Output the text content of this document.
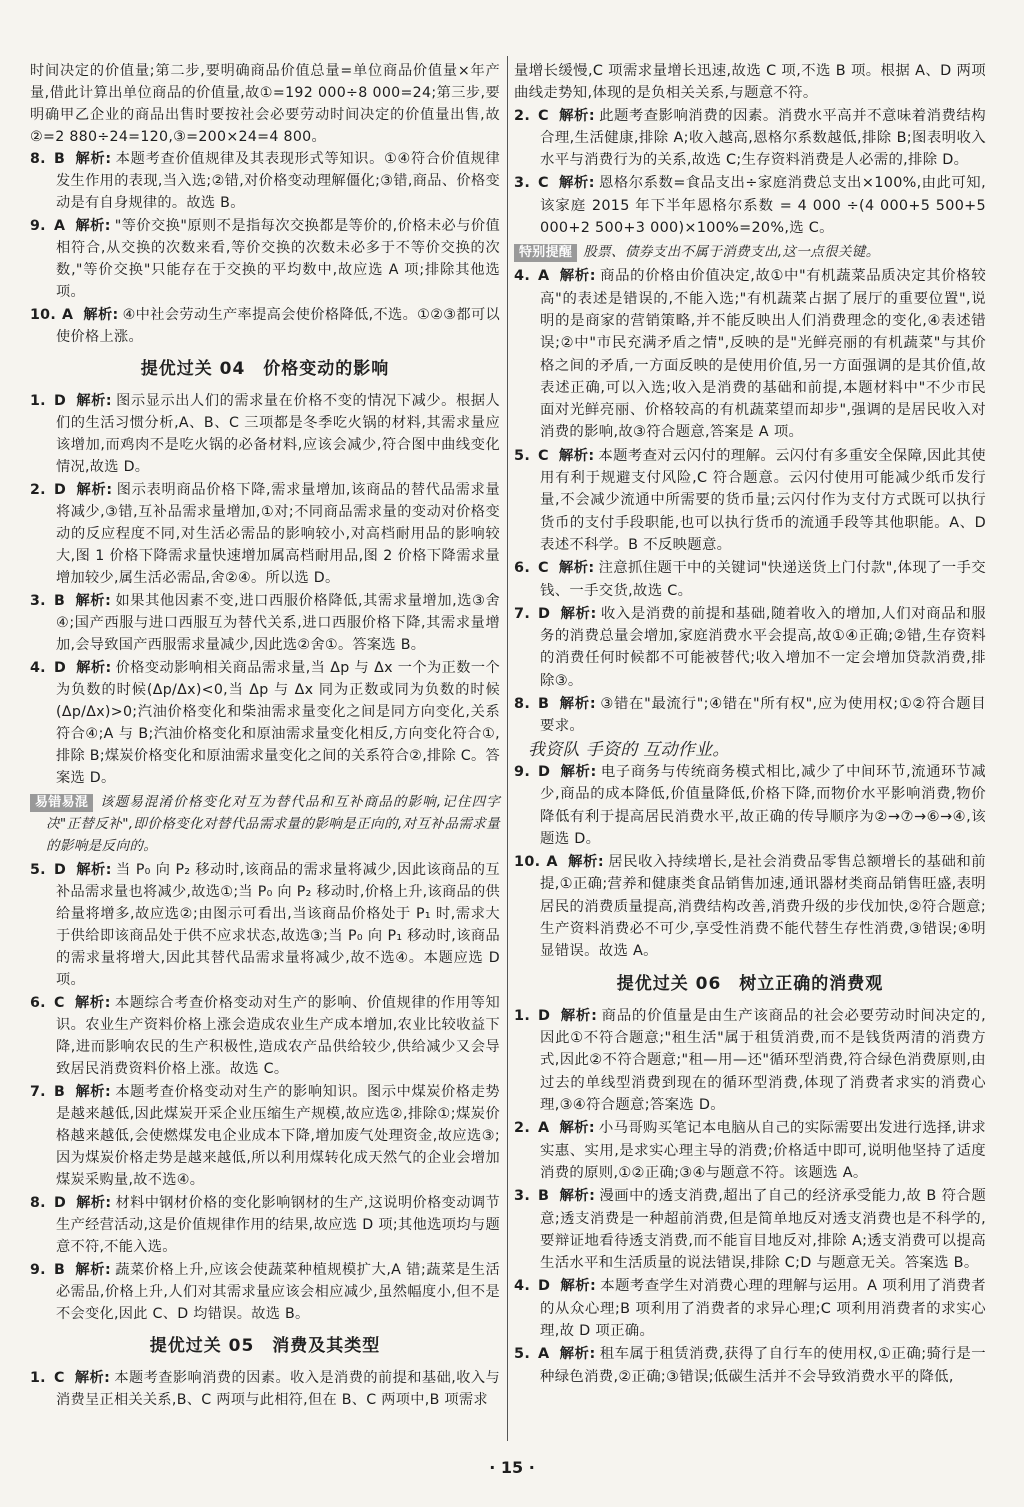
时间决定的价值量;第二步,要明确商品价值总量=单位商品价值量×年产量,借此计算出单位商品的价值量,故①=192 000÷8 000=24;第三步,要明确甲乙企业的商品出售时要按社会必要劳动时间决定的价值量出售,故②=2 880÷24=120,③=200×24=4 800。

8. B 解析: 本题考查价值规律及其表现形式等知识。①④符合价值规律发生作用的表现,当入选;②错,对价格变动理解僵化;③错,商品、价格变动是有自身规律的。故选 B。

9. A 解析: "等价交换"原则不是指每次交换都是等价的,价格未必与价值相符合,从交换的次数来看,等价交换的次数未必多于不等价交换的次数,"等价交换"只能存在于交换的平均数中,故应选 A 项;排除其他选项。

10. A 解析: ④中社会劳动生产率提高会使价格降低,不选。①②③都可以使价格上涨。

提优过关 04　价格变动的影响

1. D 解析: 图示显示出人们的需求量在价格不变的情况下减少。根据人们的生活习惯分析,A、B、C 三项都是冬季吃火锅的材料,其需求量应该增加,而鸡肉不是吃火锅的必备材料,应该会减少,符合图中曲线变化情况,故选 D。

2. D 解析: 图示表明商品价格下降,需求量增加,该商品的替代品需求量将减少,③错,互补品需求量增加,①对;不同商品需求量的变动对价格变动的反应程度不同,对生活必需品的影响较小,对高档耐用品的影响较大,图 1 价格下降需求量快速增加属高档耐用品,图 2 价格下降需求量增加较少,属生活必需品,舍②④。所以选 D。

3. B 解析: 如果其他因素不变,进口西服价格降低,其需求量增加,选③舍④;国产西服与进口西服互为替代关系,进口西服价格下降,其需求量增加,会导致国产西服需求量减少,因此选②舍①。答案选 B。

4. D 解析: 价格变动影响相关商品需求量,当 Δp 与 Δx 一个为正数一个为负数的时候(Δp/Δx)<0,当 Δp 与 Δx 同为正数或同为负数的时候(Δp/Δx)>0;汽油价格变化和柴油需求量变化之间是同方向变化,关系符合④;A 与 B;汽油价格变化和原油需求量变化相反,方向变化符合①,排除 B;煤炭价格变化和原油需求量变化之间的关系符合②,排除 C。答案选 D。

易错易混 该题易混淆价格变化对互为替代品和互补商品的影响,记住四字决"正替反补",即价格变化对替代品需求量的影响是正向的,对互补品需求量的影响是反向的。

5. D 解析: 当 P₀ 向 P₂ 移动时,该商品的需求量将减少,因此该商品的互补品需求量也将减少,故选①;当 P₀ 向 P₂ 移动时,价格上升,该商品的供给量将增多,故应选②;由图示可看出,当该商品价格处于 P₁ 时,需求大于供给即该商品处于供不应求状态,故选③;当 P₀ 向 P₁ 移动时,该商品的需求量将增大,因此其替代品需求量将减少,故不选④。本题应选 D 项。

6. C 解析: 本题综合考查价格变动对生产的影响、价值规律的作用等知识。农业生产资料价格上涨会造成农业生产成本增加,农业比较收益下降,进而影响农民的生产积极性,造成农产品供给较少,供给减少又会导致居民消费资料价格上涨。故选 C。

7. B 解析: 本题考查价格变动对生产的影响知识。图示中煤炭价格走势是越来越低,因此煤炭开采企业压缩生产规模,故应选②,排除①;煤炭价格越来越低,会使燃煤发电企业成本下降,增加废气处理资金,故应选③;因为煤炭价格走势是越来越低,所以利用煤转化成天然气的企业会增加煤炭采购量,故不选④。

8. D 解析: 材料中钢材价格的变化影响钢材的生产,这说明价格变动调节生产经营活动,这是价值规律作用的结果,故应选 D 项;其他选项均与题意不符,不能入选。

9. B 解析: 蔬菜价格上升,应该会使蔬菜种植规模扩大,A 错;蔬菜是生活必需品,价格上升,人们对其需求量应该会相应减少,虽然幅度小,但不是不会变化,因此 C、D 均错误。故选 B。

提优过关 05　消费及其类型

1. C 解析: 本题考查影响消费的因素。收入是消费的前提和基础,收入与消费呈正相关关系,B、C 两项与此相符,但在 B、C 两项中,B 项需求

量增长缓慢,C 项需求量增长迅速,故选 C 项,不选 B 项。根据 A、D 两项曲线走势知,体现的是负相关关系,与题意不符。

2. C 解析: 此题考查影响消费的因素。消费水平高并不意味着消费结构合理,生活健康,排除 A;收入越高,恩格尔系数越低,排除 B;图表明收入水平与消费行为的关系,故选 C;生存资料消费是人必需的,排除 D。

3. C 解析: 恩格尔系数=食品支出÷家庭消费总支出×100%,由此可知,该家庭 2015 年下半年恩格尔系数 = 4 000 ÷(4 000+5 500+5 000+2 500+3 000)×100%=20%,选 C。

特别提醒 股票、债券支出不属于消费支出,这一点很关键。

4. A 解析: 商品的价格由价值决定,故①中"有机蔬菜品质决定其价格较高"的表述是错误的,不能入选;"有机蔬菜占据了展厅的重要位置",说明的是商家的营销策略,并不能反映出人们消费理念的变化,④表述错误;②中"市民充满矛盾之情",反映的是"光鲜亮丽的有机蔬菜"与其价格之间的矛盾,一方面反映的是使用价值,另一方面强调的是其价值,故表述正确,可以入选;收入是消费的基础和前提,本题材料中"不少市民面对光鲜亮丽、价格较高的有机蔬菜望而却步",强调的是居民收入对消费的影响,故③符合题意,答案是 A 项。

5. C 解析: 本题考查对云闪付的理解。云闪付有多重安全保障,因此其使用有利于规避支付风险,C 符合题意。云闪付使用可能减少纸币发行量,不会减少流通中所需要的货币量;云闪付作为支付方式既可以执行货币的支付手段职能,也可以执行货币的流通手段等其他职能。A、D 表述不科学。B 不反映题意。

6. C 解析: 注意抓住题干中的关键词"快递送货上门付款",体现了一手交钱、一手交货,故选 C。

7. D 解析: 收入是消费的前提和基础,随着收入的增加,人们对商品和服务的消费总量会增加,家庭消费水平会提高,故①④正确;②错,生存资料的消费任何时候都不可能被替代;收入增加不一定会增加贷款消费,排除③。

8. B 解析: ③错在"最流行";④错在"所有权",应为使用权;①②符合题目要求。

我资队 手资的 互动作业。

9. D 解析: 电子商务与传统商务模式相比,减少了中间环节,流通环节减少,商品的成本降低,价值量降低,价格下降,而物价水平影响消费,物价降低有利于提高居民消费水平,故正确的传导顺序为②→⑦→⑥→④,该题选 D。

10. A 解析: 居民收入持续增长,是社会消费品零售总额增长的基础和前提,①正确;营养和健康类食品销售加速,通讯器材类商品销售旺盛,表明居民的消费质量提高,消费结构改善,消费升级的步伐加快,②符合题意;生产资料消费必不可少,享受性消费不能代替生存性消费,③错误;④明显错误。故选 A。

提优过关 06　树立正确的消费观

1. D 解析: 商品的价值量是由生产该商品的社会必要劳动时间决定的,因此①不符合题意;"租生活"属于租赁消费,而不是钱货两清的消费方式,因此②不符合题意;"租—用—还"循环型消费,符合绿色消费原则,由过去的单线型消费到现在的循环型消费,体现了消费者求实的消费心理,③④符合题意;答案选 D。

2. A 解析: 小马哥购买笔记本电脑从自己的实际需要出发进行选择,讲求实惠、实用,是求实心理主导的消费;价格适中即可,说明他坚持了适度消费的原则,①②正确;③④与题意不符。该题选 A。

3. B 解析: 漫画中的透支消费,超出了自己的经济承受能力,故 B 符合题意;透支消费是一种超前消费,但是简单地反对透支消费也是不科学的,要辩证地看待透支消费,而不能盲目地反对,排除 A;透支消费可以提高生活水平和生活质量的说法错误,排除 C;D 与题意无关。答案选 B。

4. D 解析: 本题考查学生对消费心理的理解与运用。A 项利用了消费者的从众心理;B 项利用了消费者的求异心理;C 项利用消费者的求实心理,故 D 项正确。

5. A 解析: 租车属于租赁消费,获得了自行车的使用权,①正确;骑行是一种绿色消费,②正确;③错误;低碳生活并不会导致消费水平的降低,

· 15 ·
